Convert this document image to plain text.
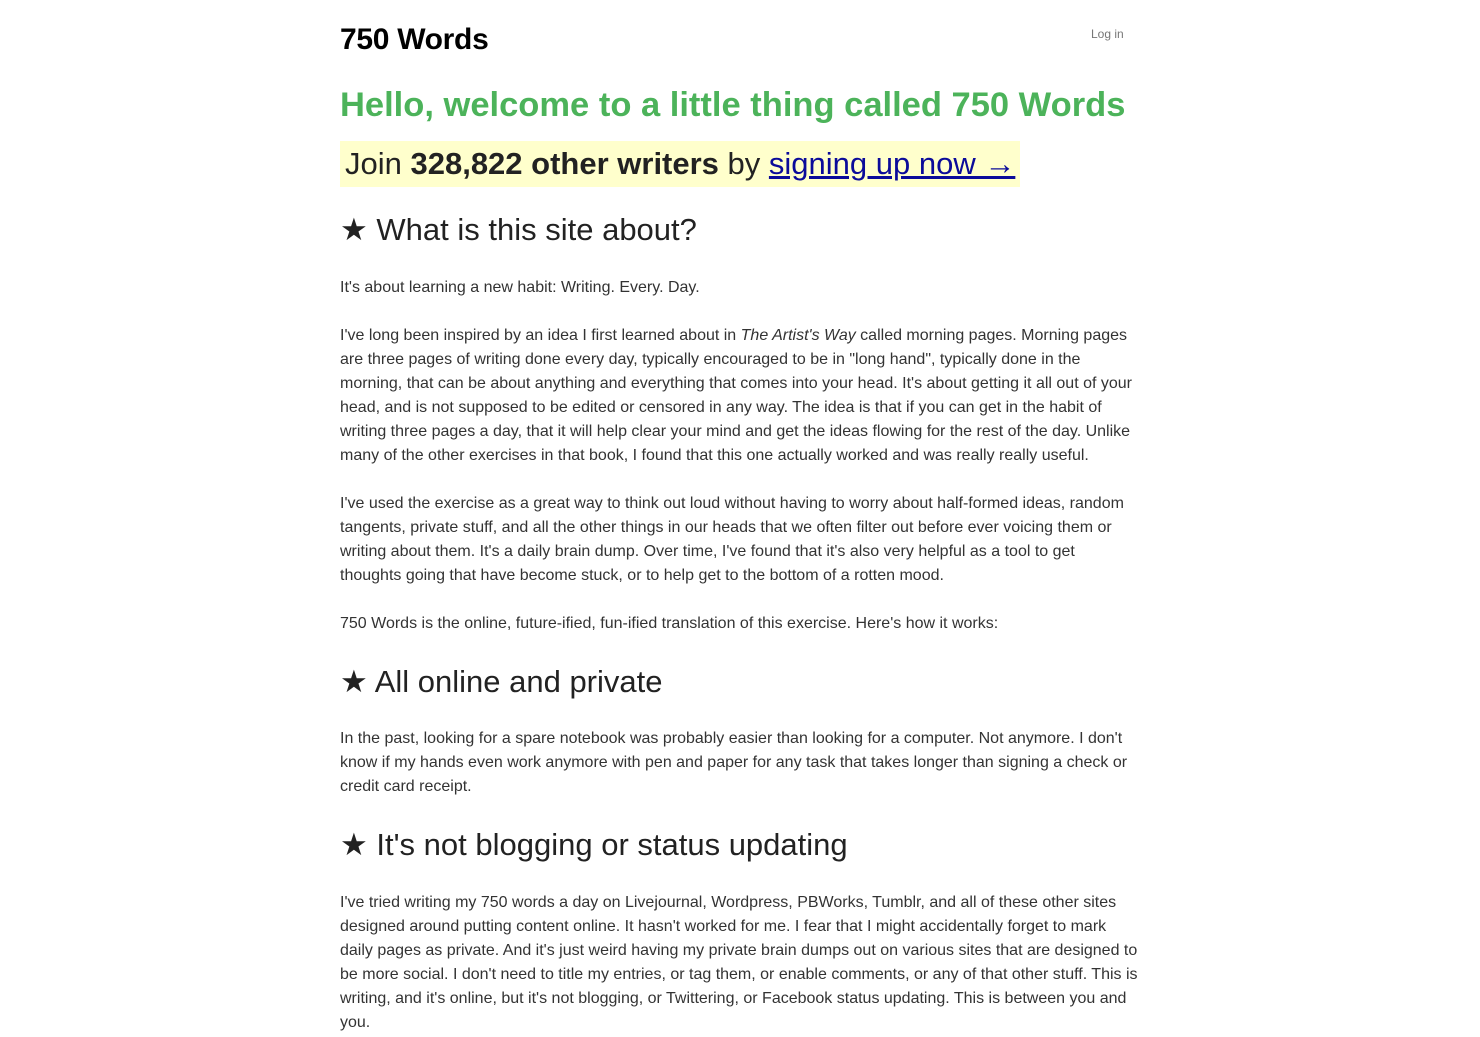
750 Words	Log in
Hello, welcome to a little thing called 750 Words
Join 328,822 other writers by signing up now →
★ What is this site about?

It's about learning a new habit: Writing. Every. Day.

I've long been inspired by an idea I first learned about in The Artist's Way called morning pages. Morning pages are three pages of writing done every day, typically encouraged to be in "long hand", typically done in the morning, that can be about anything and everything that comes into your head. It's about getting it all out of your head, and is not supposed to be edited or censored in any way. The idea is that if you can get in the habit of writing three pages a day, that it will help clear your mind and get the ideas flowing for the rest of the day. Unlike many of the other exercises in that book, I found that this one actually worked and was really really useful.

I've used the exercise as a great way to think out loud without having to worry about half-formed ideas, random tangents, private stuff, and all the other things in our heads that we often filter out before ever voicing them or writing about them. It's a daily brain dump. Over time, I've found that it's also very helpful as a tool to get thoughts going that have become stuck, or to help get to the bottom of a rotten mood.

750 Words is the online, future-ified, fun-ified translation of this exercise. Here's how it works:

★ All online and private

In the past, looking for a spare notebook was probably easier than looking for a computer. Not anymore. I don't know if my hands even work anymore with pen and paper for any task that takes longer than signing a check or credit card receipt.

★ It's not blogging or status updating

I've tried writing my 750 words a day on Livejournal, Wordpress, PBWorks, Tumblr, and all of these other sites designed around putting content online. It hasn't worked for me. I fear that I might accidentally forget to mark daily pages as private. And it's just weird having my private brain dumps out on various sites that are designed to be more social. I don't need to title my entries, or tag them, or enable comments, or any of that other stuff. This is writing, and it's online, but it's not blogging, or Twittering, or Facebook status updating. This is between you and you.
